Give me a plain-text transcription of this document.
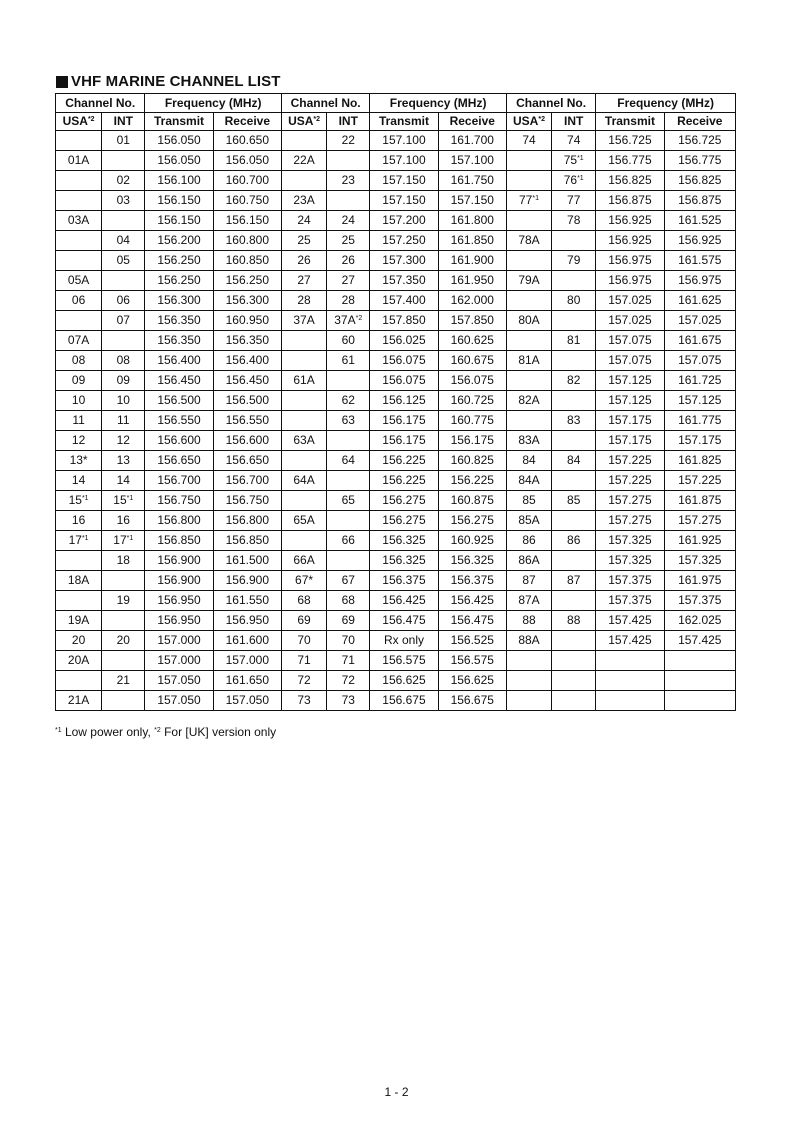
VHF MARINE CHANNEL LIST
Channel No.		Frequency (MHz)		Channel No.		Frequency (MHz)		Channel No.		Frequency (MHz)	
USA$^{*2}$	INT	Transmit	Receive	USA$^{*2}$	INT	Transmit	Receive	USA$^{*2}$	INT	Transmit	Receive
	01	156.050	160.650		22	157.100	161.700	74	74	156.725	156.725
01A		156.050	156.050	22A		157.100	157.100		75$^{*1}$	156.775	156.775
	02	156.100	160.700		23	157.150	161.750		76$^{*1}$	156.825	156.825
	03	156.150	160.750	23A		157.150	157.150	77$^{*1}$	77	156.875	156.875
03A		156.150	156.150	24	24	157.200	161.800		78	156.925	161.525
	04	156.200	160.800	25	25	157.250	161.850	78A		156.925	156.925
	05	156.250	160.850	26	26	157.300	161.900		79	156.975	161.575
05A		156.250	156.250	27	27	157.350	161.950	79A		156.975	156.975
06	06	156.300	156.300	28	28	157.400	162.000		80	157.025	161.625
	07	156.350	160.950	37A	$37A^{*2}$	157.850	157.850	80A		157.025	157.025
07A		156.350	156.350		60	156.025	160.625		81	157.075	161.675
08	08	156.400	156.400		61	156.075	160.675	81A		157.075	157.075
09	09	156.450	156.450	61A		156.075	156.075		82	157.125	161.725
10	10	156.500	156.500		62	156.125	160.725	82A		157.125	157.125
11	11	156.550	156.550		63	156.175	160.775		83	157.175	161.775
12	12	156.600	156.600	63A		156.175	156.175	83A		157.175	157.175
13*	13	156.650	156.650		64	156.225	160.825	84	84	157.225	161.825
14	14	156.700	156.700	64A		156.225	156.225	84A		157.225	157.225
15$^{*1}$	15$^{*1}$	156.750	156.750		65	156.275	160.875	85	85	157.275	161.875
16	16	156.800	156.800	65A		156.275	156.275	85A		157.275	157.275
17$^{*1}$	17$^{*1}$	156.850	156.850		66	156.325	160.925	86	86	157.325	161.925
	18	156.900	161.500	66A		156.325	156.325	86A		157.325	157.325
18A		156.900	156.900	67*	67	156.375	156.375	87	87	157.375	161.975
	19	156.950	161.550	68	68	156.425	156.425	87A		157.375	157.375
19A		156.950	156.950	69	69	156.475	156.475	88	88	157.425	162.025
20	20	157.000	161.600	70	70	Rx only	156.525	88A		157.425	157.425
20A		157.000	157.000	71	71	156.575	156.575				
	21	157.050	161.650	72	72	156.625	156.625				
21A		157.050	157.050	73	73	156.675	156.675				
$^{*1}$ Low power only, $^{*2}$ For [UK] version only
1 - 2
